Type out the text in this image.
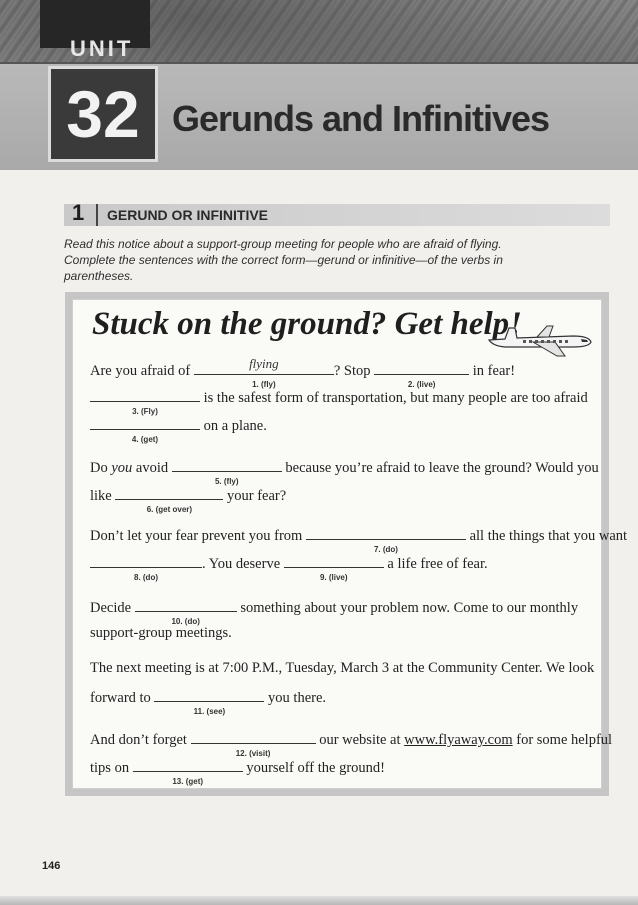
UNIT
32 Gerunds and Infinitives
1 GERUND OR INFINITIVE
Read this notice about a support-group meeting for people who are afraid of flying. Complete the sentences with the correct form—gerund or infinitive—of the verbs in parentheses.
Stuck on the ground? Get help!
Are you afraid of	flying
1. (fly)
? Stop
2. (live)
in fear!
3. (Fly)
is the safest form of transportation, but many people are too afraid
4. (get)
on a plane.
Do you avoid
5. (fly)
because you’re afraid to leave the ground? Would you
like
6. (get over)
your fear?
Don’t let your fear prevent you from
7. (do)
all the things that you want
8. (do)
. You deserve
9. (live)
a life free of fear.
Decide
10. (do)
something about your problem now. Come to our monthly
support-group meetings.
The next meeting is at 7:00 P.M., Tuesday, March 3 at the Community Center. We look
forward to
11. (see)
you there.
And don’t forget
12. (visit)
our website at www.flyaway.com for some helpful
tips on
13. (get)
yourself off the ground!
146
